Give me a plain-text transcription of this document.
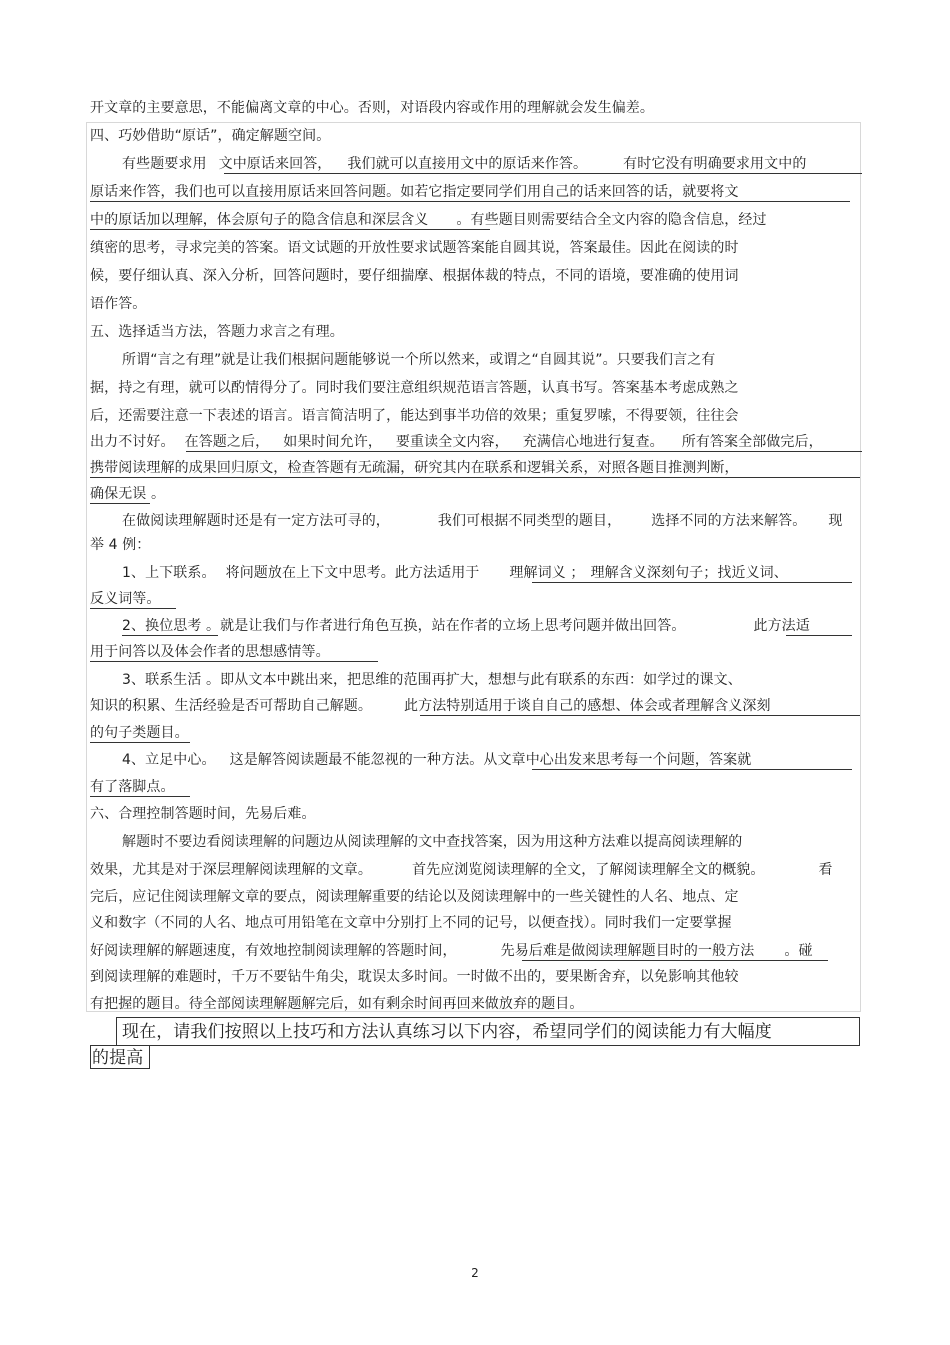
开文章的主要意思，不能偏离文章的中心。否则，对语段内容或作用的理解就会发生偏差。
四、巧妙借助“原话”，确定解题空间。
有些题要求用 文中原话来回答， 我们就可以直接用文中的原话来作答。	有时它没有明确要求用文中的
原话来作答，我们也可以直接用原话来回答问题。如若它指定要同学们用自己的话来回答的话，就要将文
中的原话加以理解，体会原句子的隐含信息和深层含义 。有些题目则需要结合全文内容的隐含信息，经过
缜密的思考，寻求完美的答案。语文试题的开放性要求试题答案能自圆其说，答案最佳。因此在阅读的时
候，要仔细认真、深入分析，回答问题时，要仔细揣摩、根据体裁的特点，不同的语境，要准确的使用词
语作答。
五、选择适当方法，答题力求言之有理。
所谓“言之有理”就是让我们根据问题能够说一个所以然来，或谓之“自圆其说”。只要我们言之有
据，持之有理，就可以酌情得分了。同时我们要注意组织规范语言答题，认真书写。答案基本考虑成熟之
后，还需要注意一下表述的语言。语言简洁明了，能达到事半功倍的效果；重复罗嗦，不得要领，往往会
出力不讨好。 在答题之后， 如果时间允许， 要重读全文内容， 充满信心地进行复查。 所有答案全部做完后，
携带阅读理解的成果回归原文，检查答题有无疏漏，研究其内在联系和逻辑关系，对照各题目推测判断，
确保无误 。
在做阅读理解题时还是有一定方法可寻的，	我们可根据不同类型的题目， 选择不同的方法来解答。 现
举 4 例：
1、上下联系。 将问题放在上下文中思考。此方法适用于 理解词义 ； 理解含义深刻句子；找近义词、
反义词等。
2、换位思考 。就是让我们与作者进行角色互换，站在作者的立场上思考问题并做出回答。	此方法适
用于问答以及体会作者的思想感情等。
3、联系生活 。即从文本中跳出来，把思维的范围再扩大，想想与此有联系的东西：如学过的课文、
知识的积累、生活经验是否可帮助自己解题。 此方法特别适用于谈自自己的感想、体会或者理解含义深刻
的句子类题目。
4、立足中心。 这是解答阅读题最不能忽视的一种方法。从文章中心出发来思考每一个问题，答案就
有了落脚点。
六、合理控制答题时间，先易后难。
解题时不要边看阅读理解的问题边从阅读理解的文中查找答案，因为用这种方法难以提高阅读理解的
效果，尤其是对于深层理解阅读理解的文章。	首先应浏览阅读理解的全文，了解阅读理解全文的概貌。	看
完后，应记住阅读理解文章的要点，阅读理解重要的结论以及阅读理解中的一些关键性的人名、地点、定
义和数字（不同的人名、地点可用铅笔在文章中分别打上不同的记号，以便查找）。同时我们一定要掌握
好阅读理解的解题速度，有效地控制阅读理解的答题时间，	先易后难是做阅读理解题目时的一般方法 。碰
到阅读理解的难题时，千万不要钻牛角尖，耽误太多时间。一时做不出的，要果断舍弃，以免影响其他较
有把握的题目。待全部阅读理解题解完后，如有剩余时间再回来做放弃的题目。
现在，请我们按照以上技巧和方法认真练习以下内容，希望同学们的阅读能力有大幅度
的提高
2
